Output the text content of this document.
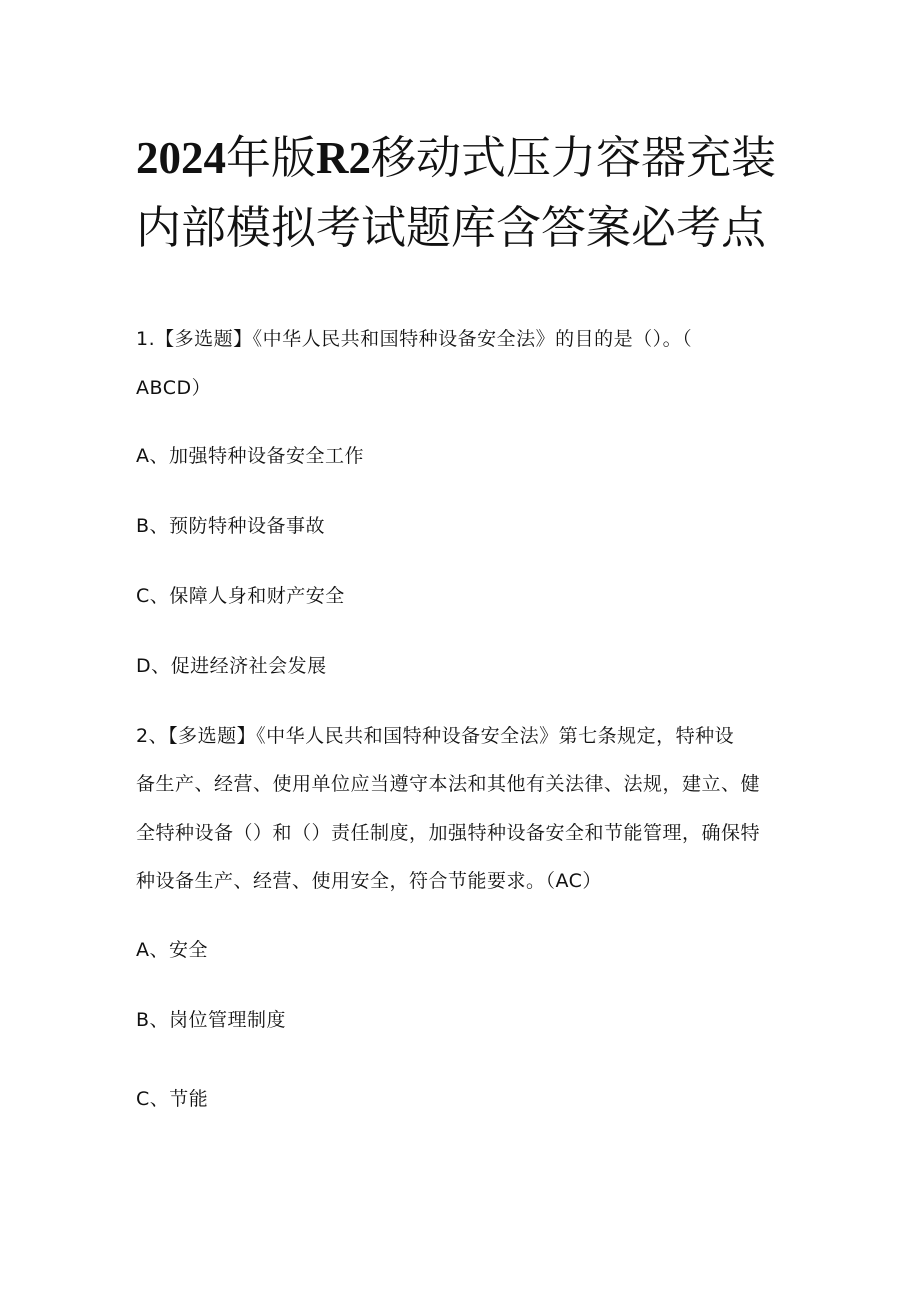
2024年版R2移动式压力容器充装
内部模拟考试题库含答案必考点
1.【多选题】《中华人民共和国特种设备安全法》的目的是（）。（
ABCD）
A、加强特种设备安全工作
B、预防特种设备事故
C、保障人身和财产安全
D、促进经济社会发展
2、【多选题】《中华人民共和国特种设备安全法》第七条规定，特种设
备生产、经营、使用单位应当遵守本法和其他有关法律、法规，建立、健
全特种设备（）和（）责任制度，加强特种设备安全和节能管理，确保特
种设备生产、经营、使用安全，符合节能要求。（AC）
A、安全
B、岗位管理制度
C、节能
